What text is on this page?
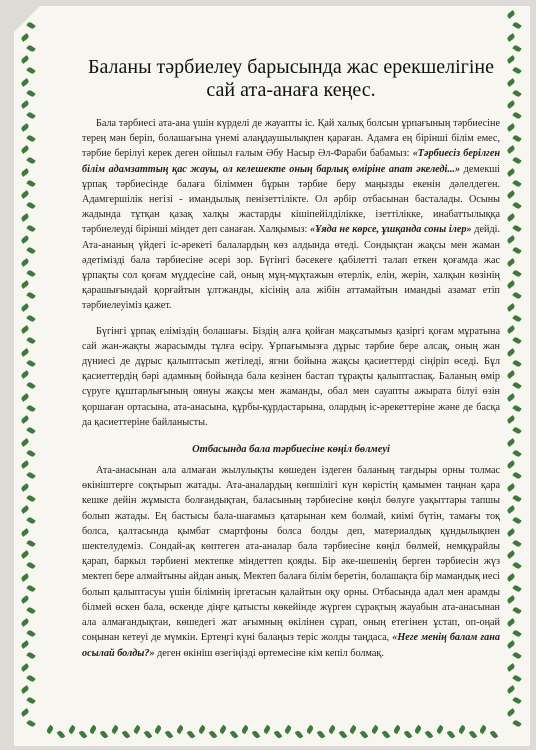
Баланы тәрбиелеу барысында жас ерекшелігіне сай ата-анаға кеңес.

Бала тәрбиесі ата-ана үшін күрделі де жауапты іс. Қай халық болсын ұрпағының тәрбиесіне терең мән беріп, болашағына үнемі алаңдаушылықпен қараған. Адамға ең бірінші білім емес, тәрбие берілуі керек деген ойшыл ғалым Әбу Насыр Әл-Фараби бабамыз: «Тәрбиесіз берілген білім адамзаттың қас жауы, ол келешекте оның барлық өміріне апат әкеледі...» демекші ұрпақ тәрбиесінде балаға біліммен бұрын тәрбие беру маңызды екенін дәлелдеген. Адамгершілік негізі - имандылық пенізеттілікте. Ол әрбір отбасынан басталады. Осыны жадында тұтқан қазақ халқы жастарды кішіпейілділікке, ізеттілікке, инабаттылыққа тәрбиелеуді бірінші міндет деп санаған. Халқымыз: «Ұяда не көрсе, ұшқанда соны ілер» дейді. Ата-ананың үйдегі іс-әрекеті балалардың көз алдында өтеді. Сондықтан жақсы мен жаман әдетімізді бала тәрбиесіне әсері зор. Бүгінгі бәсекеге қабілетті талап еткен қоғамда жас ұрпақты сол қоғам мүддесіне сай, оның мұң-мұқтажын өтерлік, елін, жерін, халқын көзінің қарашығындай қорғайтын ұлтжанды, кісінің ала жібін аттамайтын имандыі азамат етіп тәрбиелеуіміз қажет.

Бүгінгі ұрпақ еліміздің болашағы. Біздің алға қойған мақсатымыз қазіргі қоғам мұратына сай жан-жақты жарасымды тұлға өсіру. Ұрпағымызға дұрыс тәрбие бере алсақ, оның жан дүниесі де дұрыс қалыптасып жетіледі, ягни бойына жақсы қасиеттерді сіңіріп өседі. Бұл қасиеттердің бәрі адамның бойында бала кезінен бастап тұрақты қалыптаспақ. Баланың өмір сүруге құштарлығының оянуы жақсы мен жаманды, обал мен сауапты ажырата білуі өзін қоршаған ортасына, ата-анасына, құрбы-құрдастарына, олардың іс-әрекеттеріне және де басқа да қасиеттеріне байланысты.

Отбасында бала тәрбиесіне көңіл бөлмеуі

Ата-анасынан ала алмаған жылулықты көшеден іздеген баланың тағдыры орны толмас өкініштерге соқтырып жатады. Ата-аналардың көпшілігі күн көрістің қамымен таңнан қара кешке дейін жұмыста болғандықтан, баласының тәрбиесіне көңіл бөлуге уақыттары тапшы болып жатады. Ең бастысы бала-шағамыз қатарынан кем болмай, киімі бүтін, тамағы тоқ болса, қалтасында қымбат смартфоны болса болды деп, материалдық құндылықпен шектелудеміз. Сондай-ақ көптеген ата-аналар бала тәрбиесіне көңіл бөлмей, немқұрайлы қарап, баркыл тәрбиені мектепке міндеттеп қояды. Бір әке-шешенің берген тәрбиесін жүз мектеп бере алмайтыны айдан анық. Мектеп балаға білім беретін, болашақта бір мамандық иесі болып қалыптасуы үшін білімнің іргетасын қалайтын оқу орны. Отбасында адал мен арамды білмей өскен бала, өскенде діңге қатысты көкейінде жүрген сұрақтың жауабын ата-анасынан ала алмағандықтан, көшедегі жат ағымның өкілінен сұрап, оның етегінен ұстап, оп-оңай соңынан кетеуі де мүмкін. Ертеңгі күні балаңыз теріс жолды таңдаса, «Неге менің балам ғана осылай болды?» деген өкініш өзегіңізді өртемесіне кім кепіл болмақ.
